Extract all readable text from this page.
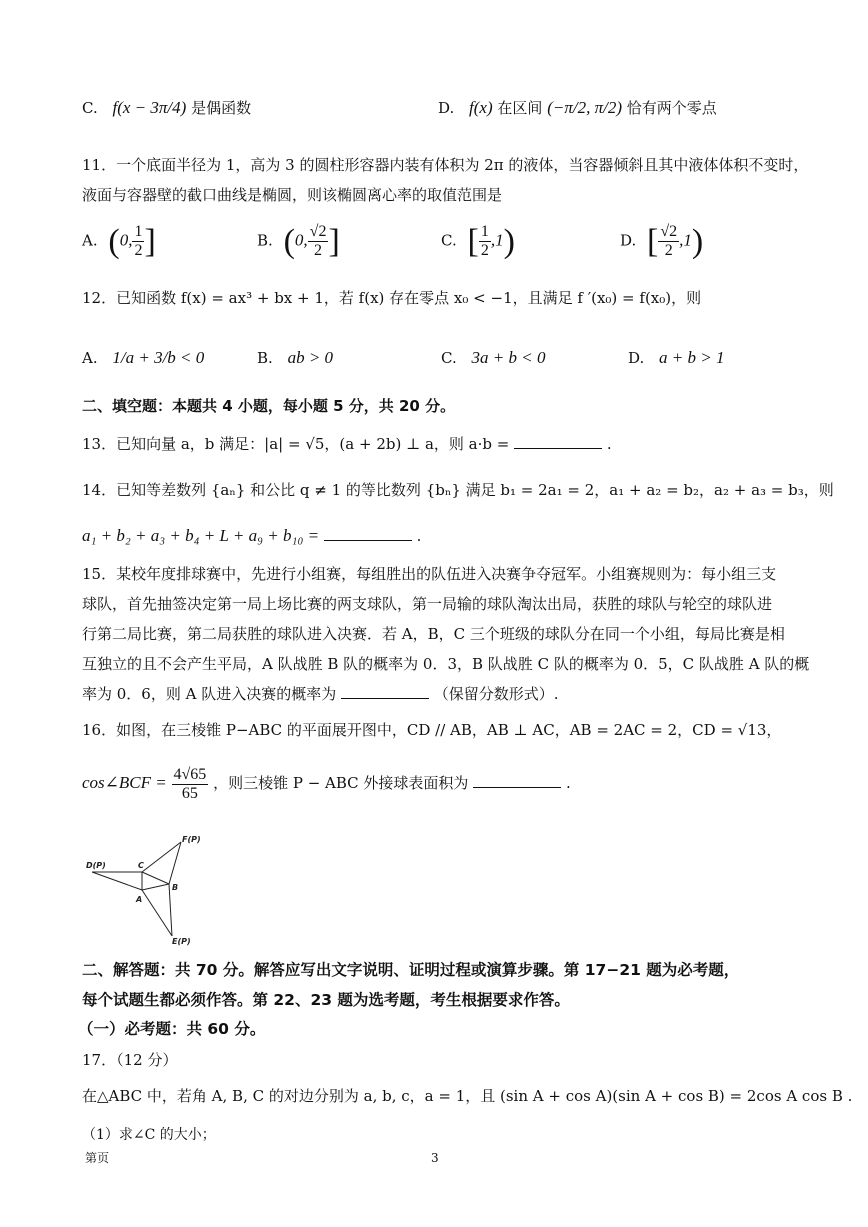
C. f(x − 3π/4) 是偶函数	D. f(x) 在区间 (−π/2, π/2) 恰有两个零点
11．一个底面半径为 1，高为 3 的圆柱形容器内装有体积为 2π 的液体，当容器倾斜且其中液体体积不变时，
液面与容器壁的截口曲线是椭圆，则该椭圆离心率的取值范围是
A. (0, $\frac{1}{2}$ ]	B. (0, $\frac{√2}{2}$ ]	C. [ $\frac{1}{2} ,1$)	D. [ $\frac{√2}{2} ,1$)
12．已知函数 f(x) = ax³ + bx + 1，若 f(x) 存在零点 x₀ < −1，且满足 f ′(x₀) = f(x₀)，则
A. 1/a + 3/b < 0	B. ab > 0	C. 3a + b < 0	D. a + b > 1
二、填空题：本题共 4 小题，每小题 5 分，共 20 分。
13．已知向量 a，b 满足：|a| = √5，(a + 2b) ⊥ a，则 a·b =	.
14．已知等差数列 {aₙ} 和公比 q ≠ 1 的等比数列 {bₙ} 满足 b₁ = 2a₁ = 2，a₁ + a₂ = b₂，a₂ + a₃ = b₃，则
a₁ + b₂ + a₃ + b₄ + L + a₉ + b₁₀ =	.
15．某校年度排球赛中，先进行小组赛，每组胜出的队伍进入决赛争夺冠军。小组赛规则为：每小组三支
球队，首先抽签决定第一局上场比赛的两支球队，第一局输的球队淘汰出局，获胜的球队与轮空的球队进
行第二局比赛，第二局获胜的球队进入决赛．若 A，B，C 三个班级的球队分在同一个小组，每局比赛是相
互独立的且不会产生平局，A 队战胜 B 队的概率为 0．3，B 队战胜 C 队的概率为 0．5，C 队战胜 A 队的概
率为 0．6，则 A 队进入决赛的概率为	（保留分数形式）.
16．如图，在三棱锥 P−ABC 的平面展开图中，CD // AB，AB ⊥ AC，AB = 2AC = 2，CD = √13，
cos∠BCF = $\frac{4√65}{65}$ ，则三棱锥 P − ABC 外接球表面积为	.
F(P)
D(P)	C
A
B
E(P)
二、解答题：共 70 分。解答应写出文字说明、证明过程或演算步骤。第 17−21 题为必考题，
每个试题生都必须作答。第 22、23 题为选考题，考生根据要求作答。
（一）必考题：共 60 分。
17．（12 分）
在△ABC 中，若角 A, B, C 的对边分别为 a, b, c，a = 1，且 (sin A + cos A)(sin A + cos B) = 2cos A cos B .
（1）求∠C 的大小；
第页	3
